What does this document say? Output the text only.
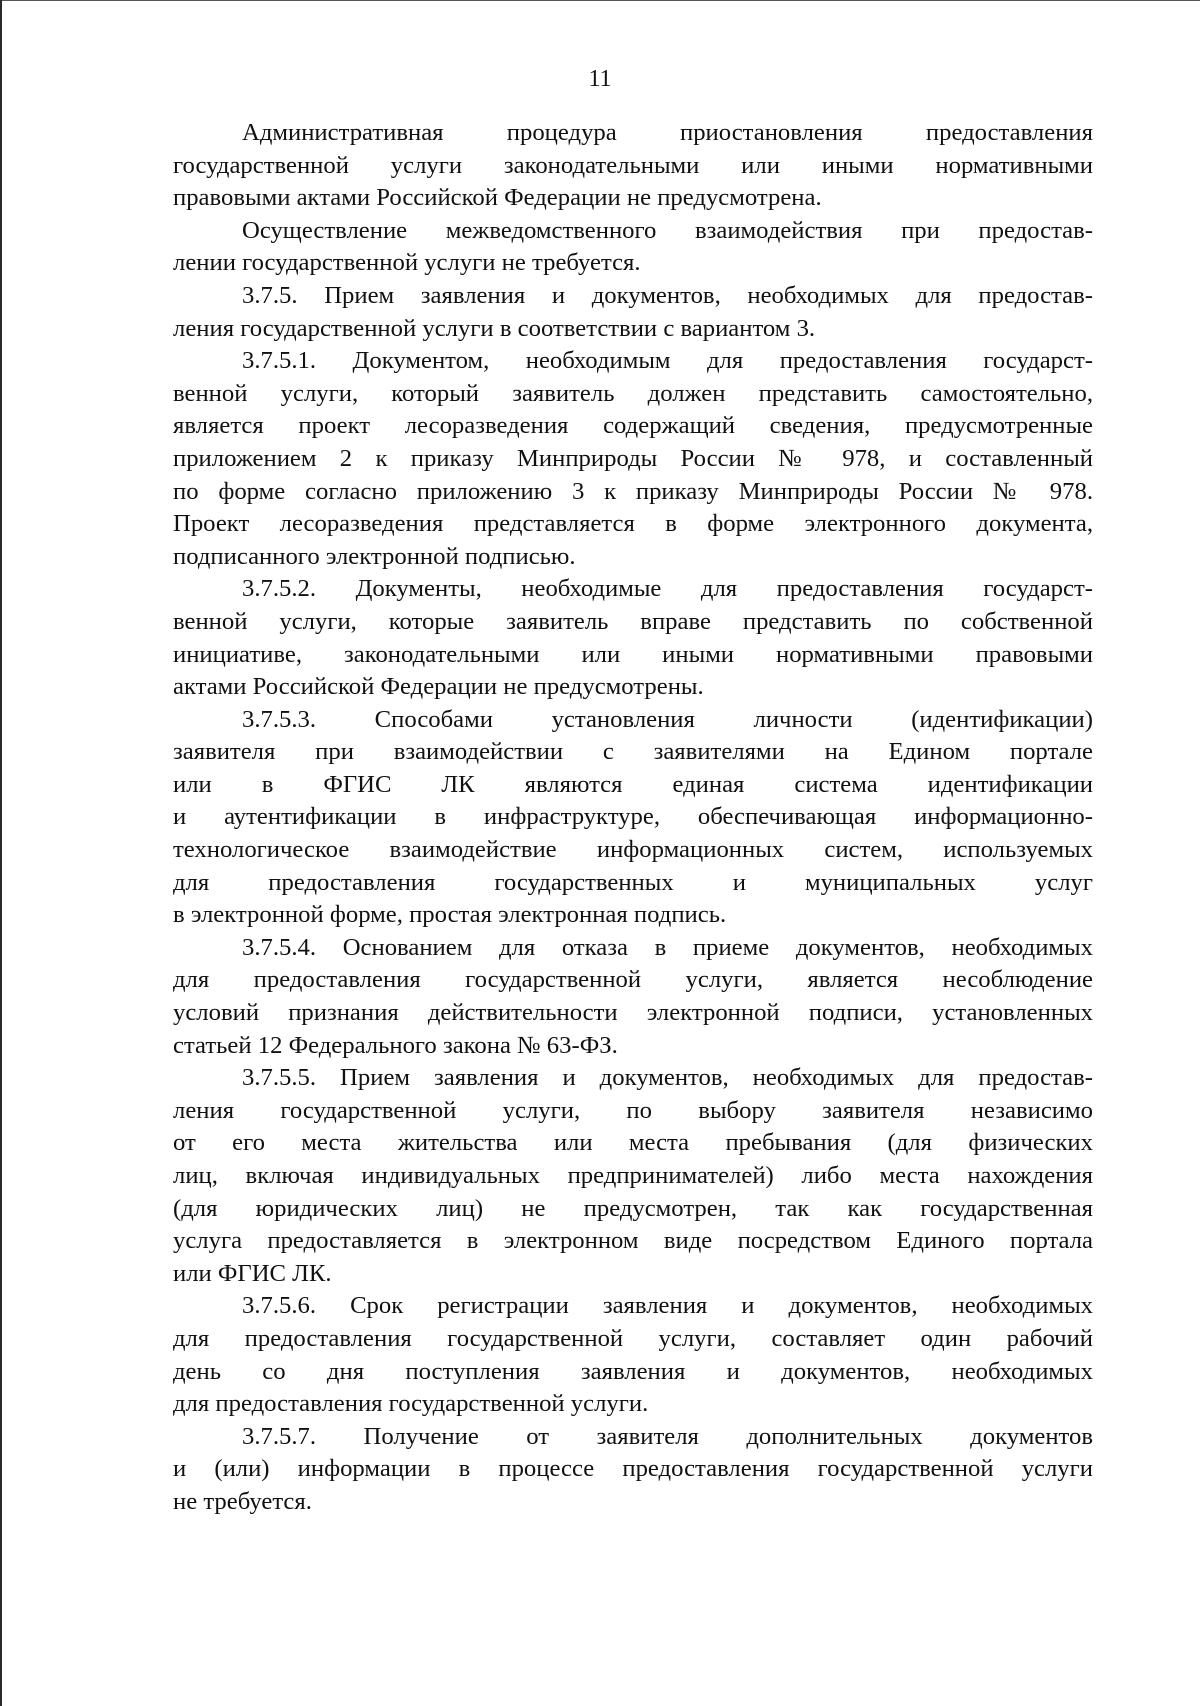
11
Административная процедура приостановления предоставления
государственной услуги законодательными или иными нормативными
правовыми актами Российской Федерации не предусмотрена.
Осуществление межведомственного взаимодействия при предостав-
лении государственной услуги не требуется.
3.7.5. Прием заявления и документов, необходимых для предостав-
ления государственной услуги в соответствии с вариантом 3.
3.7.5.1. Документом, необходимым для предоставления государст-
венной услуги, который заявитель должен представить самостоятельно,
является проект лесоразведения содержащий сведения, предусмотренные
приложением 2 к приказу Минприроды России № 978, и составленный
по форме согласно приложению 3 к приказу Минприроды России № 978.
Проект лесоразведения представляется в форме электронного документа,
подписанного электронной подписью.
3.7.5.2. Документы, необходимые для предоставления государст-
венной услуги, которые заявитель вправе представить по собственной
инициативе, законодательными или иными нормативными правовыми
актами Российской Федерации не предусмотрены.
3.7.5.3. Способами установления личности (идентификации)
заявителя при взаимодействии с заявителями на Едином портале
или в ФГИС ЛК являются единая система идентификации
и аутентификации в инфраструктуре, обеспечивающая информационно-
технологическое взаимодействие информационных систем, используемых
для предоставления государственных и муниципальных услуг
в электронной форме, простая электронная подпись.
3.7.5.4. Основанием для отказа в приеме документов, необходимых
для предоставления государственной услуги, является несоблюдение
условий признания действительности электронной подписи, установленных
статьей 12 Федерального закона № 63-ФЗ.
3.7.5.5. Прием заявления и документов, необходимых для предостав-
ления государственной услуги, по выбору заявителя независимо
от его места жительства или места пребывания (для физических
лиц, включая индивидуальных предпринимателей) либо места нахождения
(для юридических лиц) не предусмотрен, так как государственная
услуга предоставляется в электронном виде посредством Единого портала
или ФГИС ЛК.
3.7.5.6. Срок регистрации заявления и документов, необходимых
для предоставления государственной услуги, составляет один рабочий
день со дня поступления заявления и документов, необходимых
для предоставления государственной услуги.
3.7.5.7. Получение от заявителя дополнительных документов
и (или) информации в процессе предоставления государственной услуги
не требуется.
